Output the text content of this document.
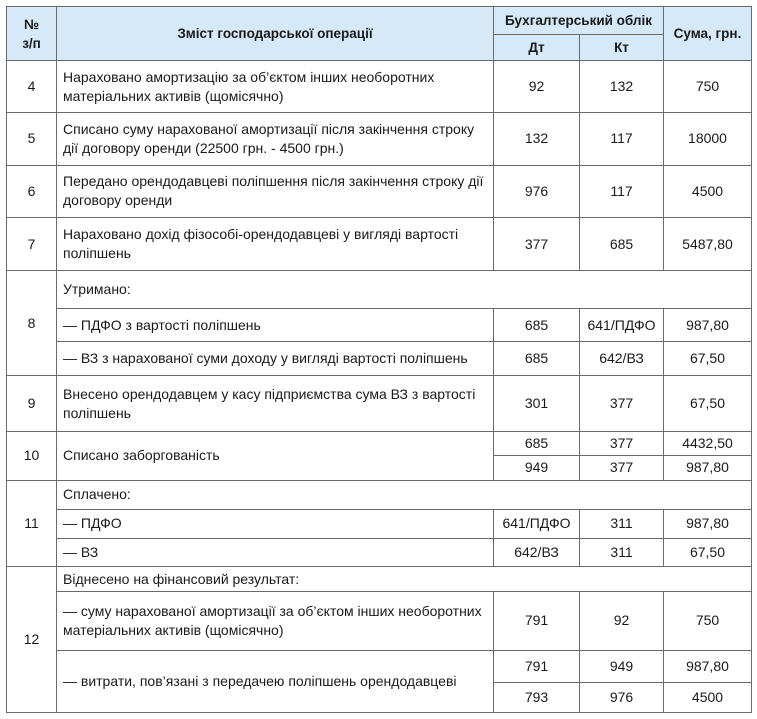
№
з/п	Зміст господарської операції	Бухгалтерський облік		Сума, грн.
		Дт	Кт	
4	Нараховано амортизацію за об’єктом інших необоротних матеріальних активів (щомісячно)	92	132	750
5	Списано суму нарахованої амортизації після закінчення строку дії договору оренди (22500 грн. - 4500 грн.)	132	117	18000
6	Передано орендодавцеві поліпшення після закінчення строку дії договору оренди	976	117	4500
7	Нараховано дохід фізособі-орендодавцеві у вигляді вартості поліпшень	377	685	5487,80
8	Утримано:			
	— ПДФО з вартості поліпшень	685	641/ПДФО	987,80
	— ВЗ з нарахованої суми доходу у вигляді вартості поліпшень	685	642/ВЗ	67,50
9	Внесено орендодавцем у касу підприємства сума ВЗ з вартості поліпшень	301	377	67,50
10	Списано заборгованість	685	377	4432,50
		949	377	987,80
11	Сплачено:			
	— ПДФО	641/ПДФО	311	987,80
	— ВЗ	642/ВЗ	311	67,50
12	Віднесено на фінансовий результат:			
	— суму нарахованої амортизації за об’єктом інших необоротних матеріальних активів (щомісячно)	791	92	750
	— витрати, пов’язані з передачею поліпшень орендодавцеві	791	949	987,80
		793	976	4500
